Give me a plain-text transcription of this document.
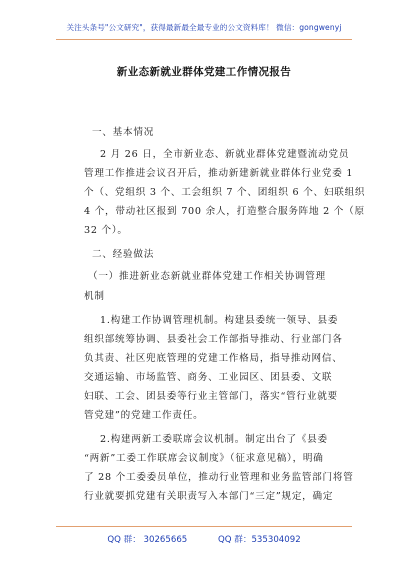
关注头条号"公文研究"，获得最新最全最专业的公文资料库！ 微信：gongwenyj
新业态新就业群体党建工作情况报告
一、基本情况
2 月 26 日，全市新业态、新就业群体党建暨流动党员
管理工作推进会议召开后，推动新建新就业群体行业党委 1
个（、党组织 3 个、工会组织 7 个、团组织 6 个、妇联组织
4 个，带动社区报到 700 余人，打造整合服务阵地 2 个（原
32 个）。
二、经验做法
（一）推进新业态新就业群体党建工作相关协调管理
机制
1.构建工作协调管理机制。构建县委统一领导、县委
组织部统筹协调、县委社会工作部指导推动、行业部门各
负其责、社区兜底管理的党建工作格局，指导推动网信、
交通运输、市场监管、商务、工业园区、团县委、文联
妇联、工会、团县委等行业主管部门，落实“管行业就要
管党建”的党建工作责任。
2.构建两新工委联席会议机制。制定出台了《县委
“两新”工委工作联席会议制度》（征求意见稿），明确
了 28 个工委委员单位，推动行业管理和业务监管部门将管
行业就要抓党建有关职责写入本部门“三定”规定，确定
QQ 群： 30265665	QQ 群：535304092
